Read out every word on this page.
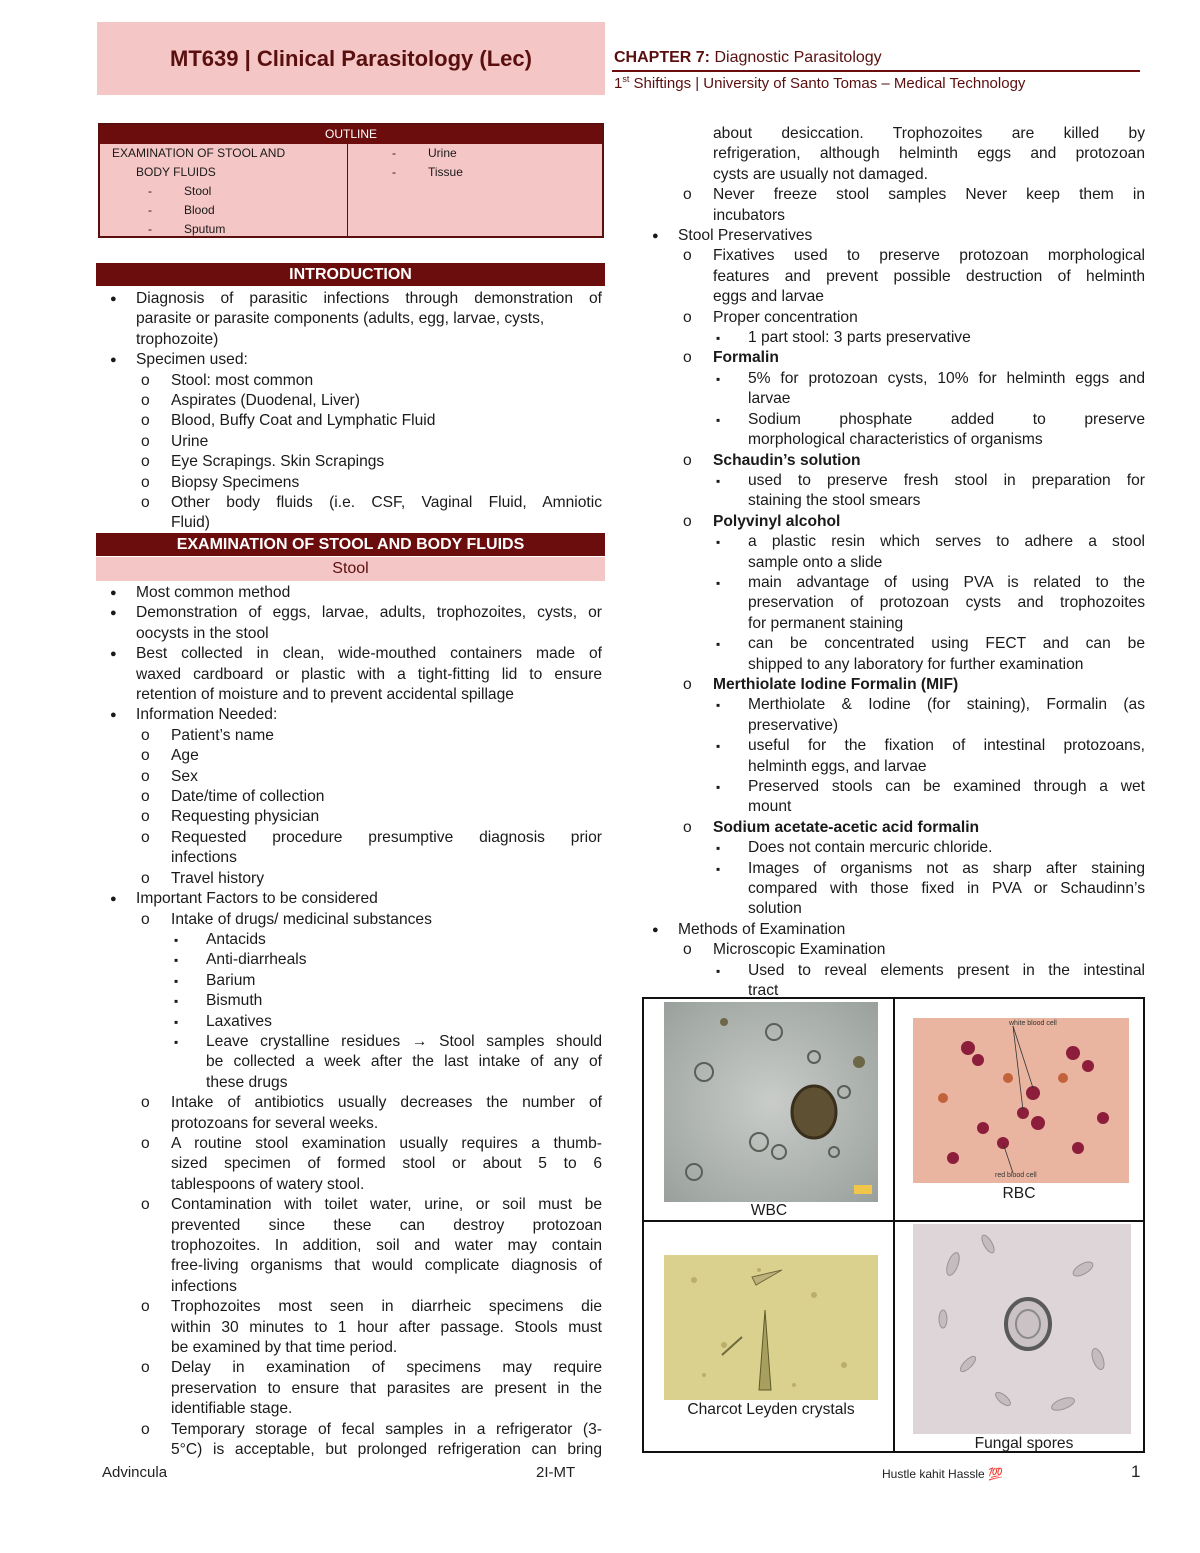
MT639 | Clinical Parasitology (Lec)	CHAPTER 7: Diagnostic Parasitology
1st Shiftings | University of Santo Tomas – Medical Technology
OUTLINE
EXAMINATION OF STOOL AND
BODY FLUIDS
-	Stool
-	Blood
-	Sputum
-	Urine
-	Tissue
INTRODUCTION
● Diagnosis of parasitic infections through demonstration of
parasite or parasite components (adults, egg, larvae, cysts,
trophozoite)
● Specimen used:
o Stool: most common
o Aspirates (Duodenal, Liver)
o Blood, Buffy Coat and Lymphatic Fluid
o Urine
o Eye Scrapings. Skin Scrapings
o Biopsy Specimens
o Other body fluids (i.e. CSF, Vaginal Fluid, Amniotic
Fluid)
EXAMINATION OF STOOL AND BODY FLUIDS
Stool
● Most common method
● Demonstration of eggs, larvae, adults, trophozoites, cysts, or
oocysts in the stool
● Best collected in clean, wide-mouthed containers made of
waxed cardboard or plastic with a tight-fitting lid to ensure
retention of moisture and to prevent accidental spillage
● Information Needed:
o Patient’s name
o Age
o Sex
o Date/time of collection
o Requesting physician
o Requested procedure presumptive diagnosis prior
infections
o Travel history
● Important Factors to be considered
o Intake of drugs/ medicinal substances
▪ Antacids
▪ Anti-diarrheals
▪ Barium
▪ Bismuth
▪ Laxatives
▪ Leave crystalline residues → Stool samples should
be collected a week after the last intake of any of
these drugs
o Intake of antibiotics usually decreases the number of
protozoans for several weeks.
o A routine stool examination usually requires a thumb-
sized specimen of formed stool or about 5 to 6
tablespoons of watery stool.
o Contamination with toilet water, urine, or soil must be
prevented since these can destroy protozoan
trophozoites. In addition, soil and water may contain
free-living organisms that would complicate diagnosis of
infections
o Trophozoites most seen in diarrheic specimens die
within 30 minutes to 1 hour after passage. Stools must
be examined by that time period.
o Delay in examination of specimens may require
preservation to ensure that parasites are present in the
identifiable stage.
o Temporary storage of fecal samples in a refrigerator (3-
5°C) is acceptable, but prolonged refrigeration can bring
about desiccation. Trophozoites are killed by
refrigeration, although helminth eggs and protozoan
cysts are usually not damaged.
o Never freeze stool samples Never keep them in
incubators
● Stool Preservatives
o Fixatives used to preserve protozoan morphological
features and prevent possible destruction of helminth
eggs and larvae
o Proper concentration
▪ 1 part stool: 3 parts preservative
o Formalin
▪ 5% for protozoan cysts, 10% for helminth eggs and
larvae
▪ Sodium phosphate added to preserve
morphological characteristics of organisms
o Schaudin’s solution
▪ used to preserve fresh stool in preparation for
staining the stool smears
o Polyvinyl alcohol
▪ a plastic resin which serves to adhere a stool
sample onto a slide
▪ main advantage of using PVA is related to the
preservation of protozoan cysts and trophozoites
for permanent staining
▪ can be concentrated using FECT and can be
shipped to any laboratory for further examination
o Merthiolate Iodine Formalin (MIF)
▪ Merthiolate & Iodine (for staining), Formalin (as
preservative)
▪ useful for the fixation of intestinal protozoans,
helminth eggs, and larvae
▪ Preserved stools can be examined through a wet
mount
o Sodium acetate-acetic acid formalin
▪ Does not contain mercuric chloride.
▪ Images of organisms not as sharp after staining
compared with those fixed in PVA or Schaudinn’s
solution
● Methods of Examination
o Microscopic Examination
▪ Used to reveal elements present in the intestinal
tract
WBC
white blood cell
red blood cell
RBC
Charcot Leyden crystals
Fungal spores
Advincula	2I-MT	Hustle kahit Hassle 💯	1
